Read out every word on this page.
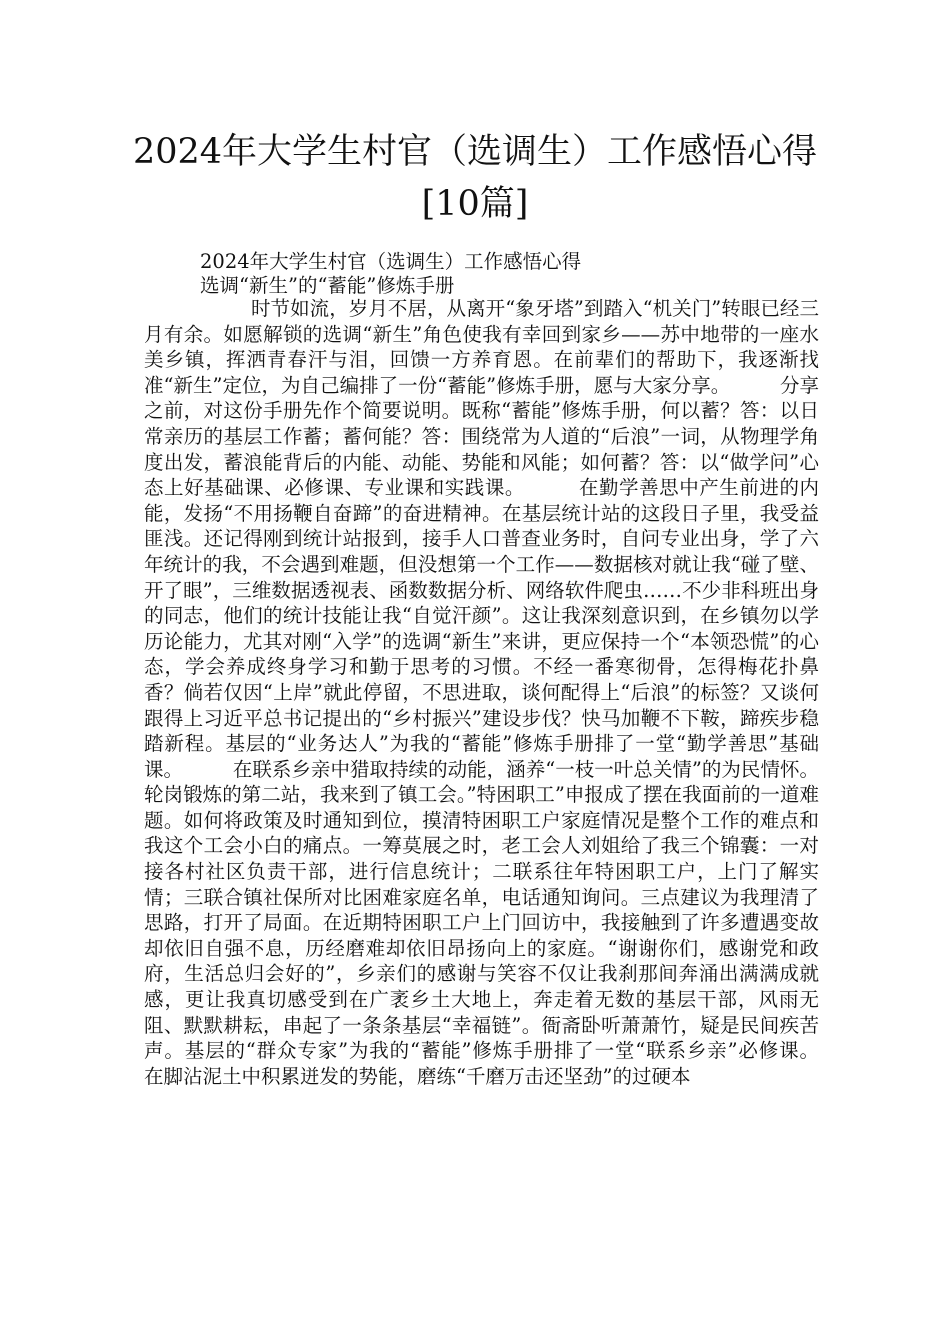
2024年大学生村官（选调生）工作感悟心得[10篇]

2024年大学生村官（选调生）工作感悟心得

选调“新生”的“蓄能”修炼手册

时节如流，岁月不居，从离开“象牙塔”到踏入“机关门”转眼已经三月有余。如愿解锁的选调“新生”角色使我有幸回到家乡——苏中地带的一座水美乡镇，挥洒青春汗与泪，回馈一方养育恩。在前辈们的帮助下，我逐渐找准“新生”定位，为自己编排了一份“蓄能”修炼手册，愿与大家分享。        分享之前，对这份手册先作个简要说明。既称“蓄能”修炼手册，何以蓄？答：以日常亲历的基层工作蓄；蓄何能？答：围绕常为人道的“后浪”一词，从物理学角度出发，蓄浪能背后的内能、动能、势能和风能；如何蓄？答：以“做学问”心态上好基础课、必修课、专业课和实践课。        在勤学善思中产生前进的内能，发扬“不用扬鞭自奋蹄”的奋进精神。在基层统计站的这段日子里，我受益匪浅。还记得刚到统计站报到，接手人口普查业务时，自问专业出身，学了六年统计的我，不会遇到难题，但没想第一个工作——数据核对就让我“碰了壁、开了眼”，三维数据透视表、函数数据分析、网络软件爬虫……不少非科班出身的同志，他们的统计技能让我“自觉汗颜”。这让我深刻意识到，在乡镇勿以学历论能力，尤其对刚“入学”的选调“新生”来讲，更应保持一个“本领恐慌”的心态，学会养成终身学习和勤于思考的习惯。不经一番寒彻骨，怎得梅花扑鼻香？倘若仅因“上岸”就此停留，不思进取，谈何配得上“后浪”的标签？又谈何跟得上习近平总书记提出的“乡村振兴”建设步伐？快马加鞭不下鞍，蹄疾步稳踏新程。基层的“业务达人”为我的“蓄能”修炼手册排了一堂“勤学善思”基础课。        在联系乡亲中猎取持续的动能，涵养“一枝一叶总关情”的为民情怀。轮岗锻炼的第二站，我来到了镇工会。”特困职工”申报成了摆在我面前的一道难题。如何将政策及时通知到位，摸清特困职工户家庭情况是整个工作的难点和我这个工会小白的痛点。一筹莫展之时，老工会人刘姐给了我三个锦囊：一对接各村社区负责干部，进行信息统计；二联系往年特困职工户，上门了解实情；三联合镇社保所对比困难家庭名单，电话通知询问。三点建议为我理清了思路，打开了局面。在近期特困职工户上门回访中，我接触到了许多遭遇变故却依旧自强不息，历经磨难却依旧昂扬向上的家庭。“谢谢你们，感谢党和政府，生活总归会好的”，乡亲们的感谢与笑容不仅让我刹那间奔涌出满满成就感，更让我真切感受到在广袤乡土大地上，奔走着无数的基层干部，风雨无阻、默默耕耘，串起了一条条基层“幸福链”。衙斋卧听萧萧竹，疑是民间疾苦声。基层的“群众专家”为我的“蓄能”修炼手册排了一堂“联系乡亲”必修课。        在脚沾泥土中积累迸发的势能，磨练“千磨万击还坚劲”的过硬本
